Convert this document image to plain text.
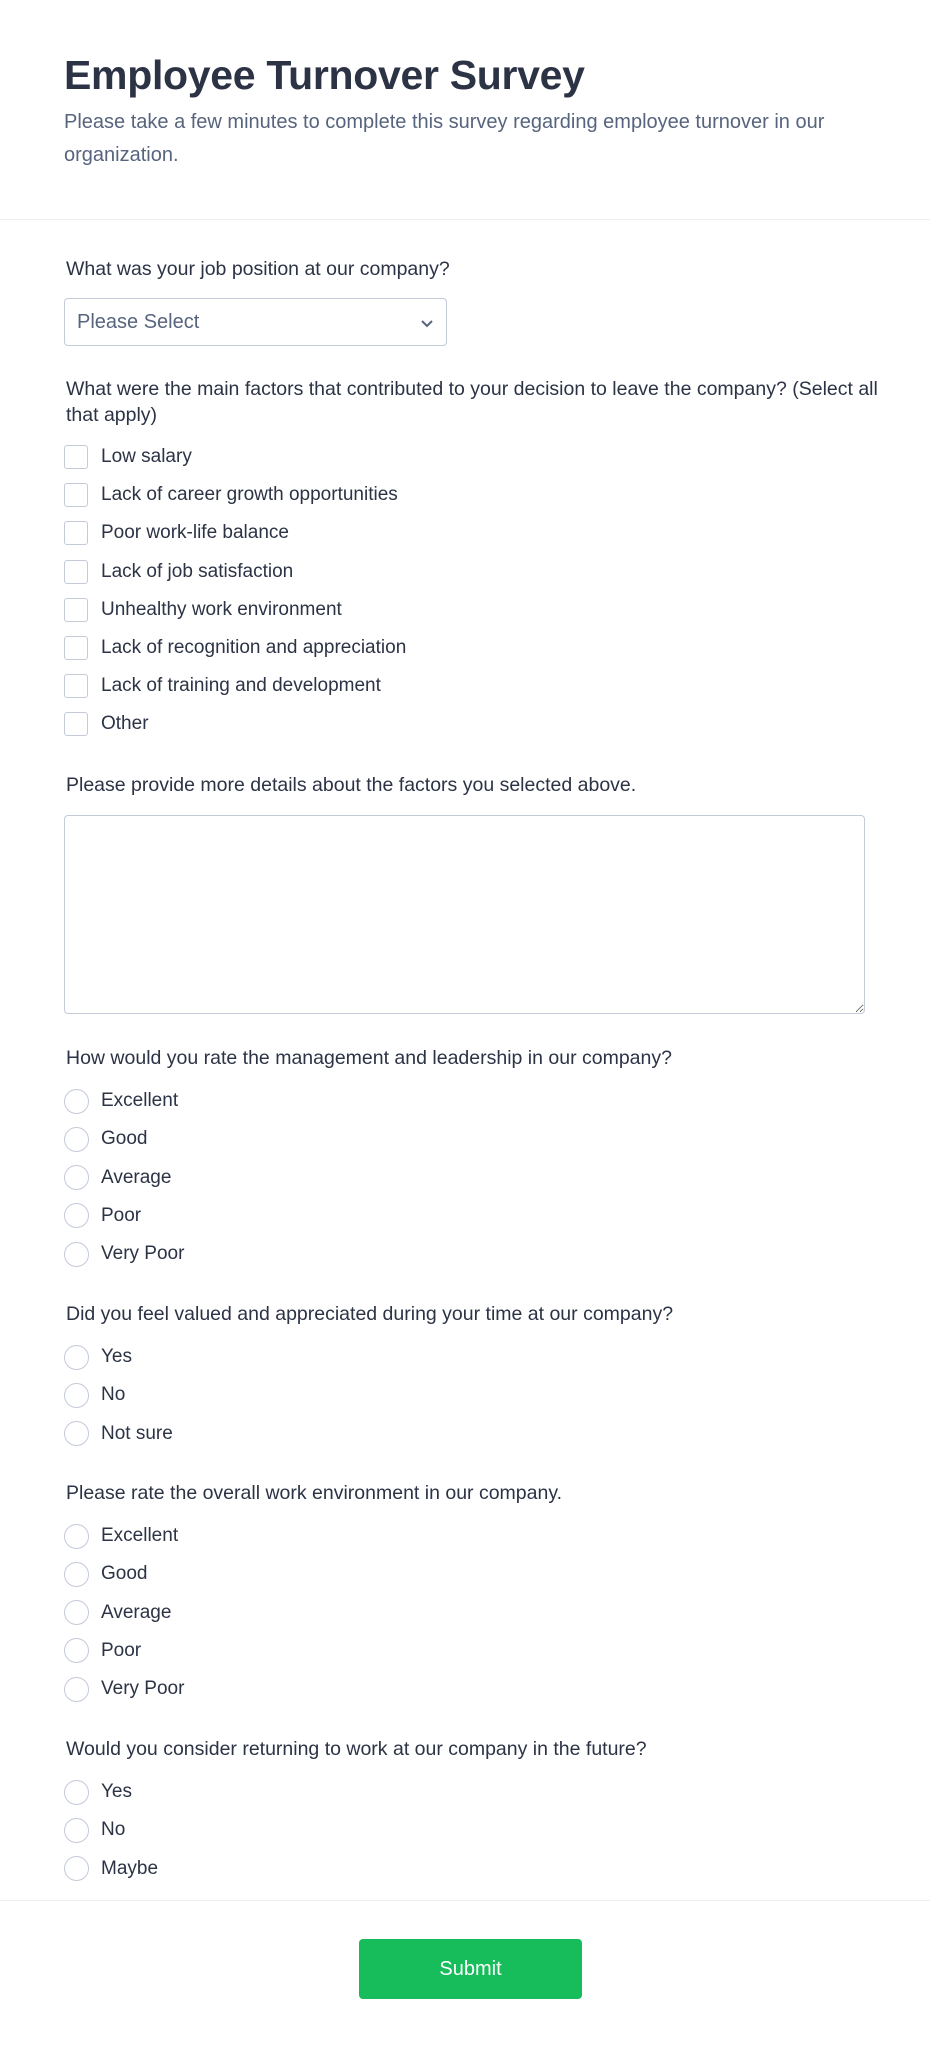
Employee Turnover Survey
Please take a few minutes to complete this survey regarding employee turnover in our organization.
What was your job position at our company?
Please Select
What were the main factors that contributed to your decision to leave the company? (Select all that apply)
Low salary
Lack of career growth opportunities
Poor work-life balance
Lack of job satisfaction
Unhealthy work environment
Lack of recognition and appreciation
Lack of training and development
Other
Please provide more details about the factors you selected above.
How would you rate the management and leadership in our company?
Did you feel valued and appreciated during your time at our company?
Please rate the overall work environment in our company.
Would you consider returning to work at our company in the future?
Excellent
Good
Average
Poor
Very Poor
Yes
No
Not sure
Excellent
Good
Average
Poor
Very Poor
Yes
No
Maybe
Submit
